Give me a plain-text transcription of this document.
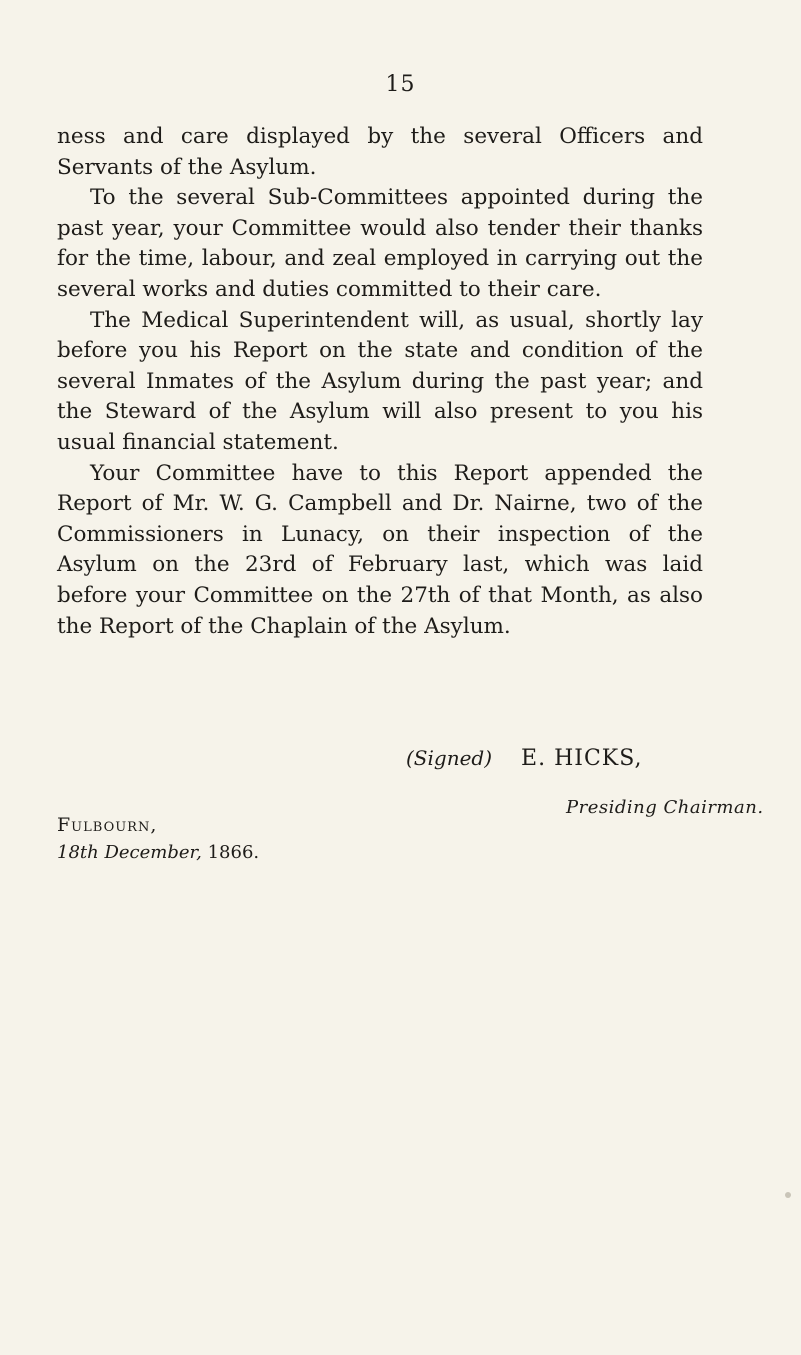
15

ness and care displayed by the several Officers and Servants of the Asylum.

To the several Sub-Committees appointed during the past year, your Committee would also tender their thanks for the time, labour, and zeal employed in carrying out the several works and duties committed to their care.

The Medical Superintendent will, as usual, shortly lay before you his Report on the state and condition of the several Inmates of the Asylum during the past year; and the Steward of the Asylum will also present to you his usual financial statement.

Your Committee have to this Report appended the Report of Mr. W. G. Campbell and Dr. Nairne, two of the Commissioners in Lunacy, on their inspection of the Asylum on the 23rd of February last, which was laid before your Committee on the 27th of that Month, as also the Report of the Chaplain of the Asylum.

(Signed) E. HICKS,
Presiding Chairman.
Fulbourn,
18th December, 1866.
